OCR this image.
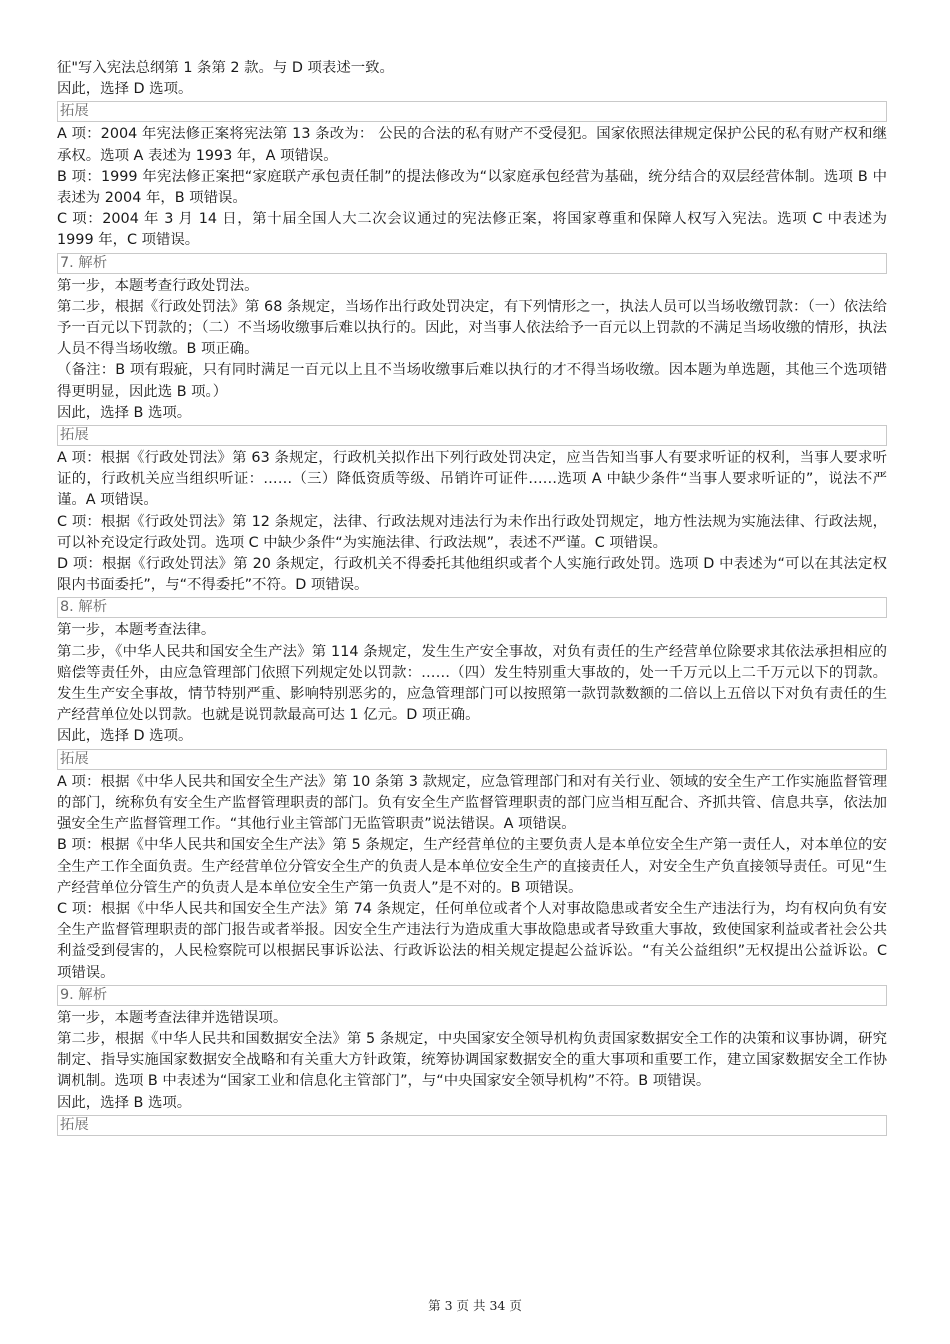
征"写入宪法总纲第 1 条第 2 款。与 D 项表述一致。
因此，选择 D 选项。
拓展
A 项：2004 年宪法修正案将宪法第 13 条改为： 公民的合法的私有财产不受侵犯。国家依照法律规定保护公民的私有财产权和继承权。选项 A 表述为 1993 年，A 项错误。
B 项：1999 年宪法修正案把“家庭联产承包责任制”的提法修改为“以家庭承包经营为基础，统分结合的双层经营体制。选项 B 中表述为 2004 年，B 项错误。
C 项：2004 年 3 月 14 日，第十届全国人大二次会议通过的宪法修正案，将国家尊重和保障人权写入宪法。选项 C 中表述为 1999 年，C 项错误。
7. 解析
第一步，本题考查行政处罚法。
第二步，根据《行政处罚法》第 68 条规定，当场作出行政处罚决定，有下列情形之一，执法人员可以当场收缴罚款：（一）依法给予一百元以下罚款的；（二）不当场收缴事后难以执行的。因此，对当事人依法给予一百元以上罚款的不满足当场收缴的情形，执法人员不得当场收缴。B 项正确。
（备注：B 项有瑕疵，只有同时满足一百元以上且不当场收缴事后难以执行的才不得当场收缴。因本题为单选题，其他三个选项错得更明显，因此选 B 项。）
因此，选择 B 选项。
拓展
A 项：根据《行政处罚法》第 63 条规定，行政机关拟作出下列行政处罚决定，应当告知当事人有要求听证的权利，当事人要求听证的，行政机关应当组织听证：……（三）降低资质等级、吊销许可证件……选项 A 中缺少条件“当事人要求听证的”，说法不严谨。A 项错误。
C 项：根据《行政处罚法》第 12 条规定，法律、行政法规对违法行为未作出行政处罚规定，地方性法规为实施法律、行政法规，可以补充设定行政处罚。选项 C 中缺少条件“为实施法律、行政法规”，表述不严谨。C 项错误。
D 项：根据《行政处罚法》第 20 条规定，行政机关不得委托其他组织或者个人实施行政处罚。选项 D 中表述为“可以在其法定权限内书面委托”，与“不得委托”不符。D 项错误。
8. 解析
第一步，本题考查法律。
第二步，《中华人民共和国安全生产法》第 114 条规定，发生生产安全事故，对负有责任的生产经营单位除要求其依法承担相应的赔偿等责任外，由应急管理部门依照下列规定处以罚款：……（四）发生特别重大事故的，处一千万元以上二千万元以下的罚款。发生生产安全事故，情节特别严重、影响特别恶劣的，应急管理部门可以按照第一款罚款数额的二倍以上五倍以下对负有责任的生产经营单位处以罚款。也就是说罚款最高可达 1 亿元。D 项正确。
因此，选择 D 选项。
拓展
A 项：根据《中华人民共和国安全生产法》第 10 条第 3 款规定，应急管理部门和对有关行业、领域的安全生产工作实施监督管理的部门，统称负有安全生产监督管理职责的部门。负有安全生产监督管理职责的部门应当相互配合、齐抓共管、信息共享，依法加强安全生产监督管理工作。“其他行业主管部门无监管职责”说法错误。A 项错误。
B 项：根据《中华人民共和国安全生产法》第 5 条规定，生产经营单位的主要负责人是本单位安全生产第一责任人，对本单位的安全生产工作全面负责。生产经营单位分管安全生产的负责人是本单位安全生产的直接责任人，对安全生产负直接领导责任。可见“生产经营单位分管生产的负责人是本单位安全生产第一负责人”是不对的。B 项错误。
C 项：根据《中华人民共和国安全生产法》第 74 条规定，任何单位或者个人对事故隐患或者安全生产违法行为，均有权向负有安全生产监督管理职责的部门报告或者举报。因安全生产违法行为造成重大事故隐患或者导致重大事故，致使国家利益或者社会公共利益受到侵害的，人民检察院可以根据民事诉讼法、行政诉讼法的相关规定提起公益诉讼。“有关公益组织”无权提出公益诉讼。C 项错误。
9. 解析
第一步，本题考查法律并选错误项。
第二步，根据《中华人民共和国数据安全法》第 5 条规定，中央国家安全领导机构负责国家数据安全工作的决策和议事协调，研究制定、指导实施国家数据安全战略和有关重大方针政策，统筹协调国家数据安全的重大事项和重要工作，建立国家数据安全工作协调机制。选项 B 中表述为“国家工业和信息化主管部门”，与“中央国家安全领导机构”不符。B 项错误。
因此，选择 B 选项。
拓展
第 3 页 共 34 页
